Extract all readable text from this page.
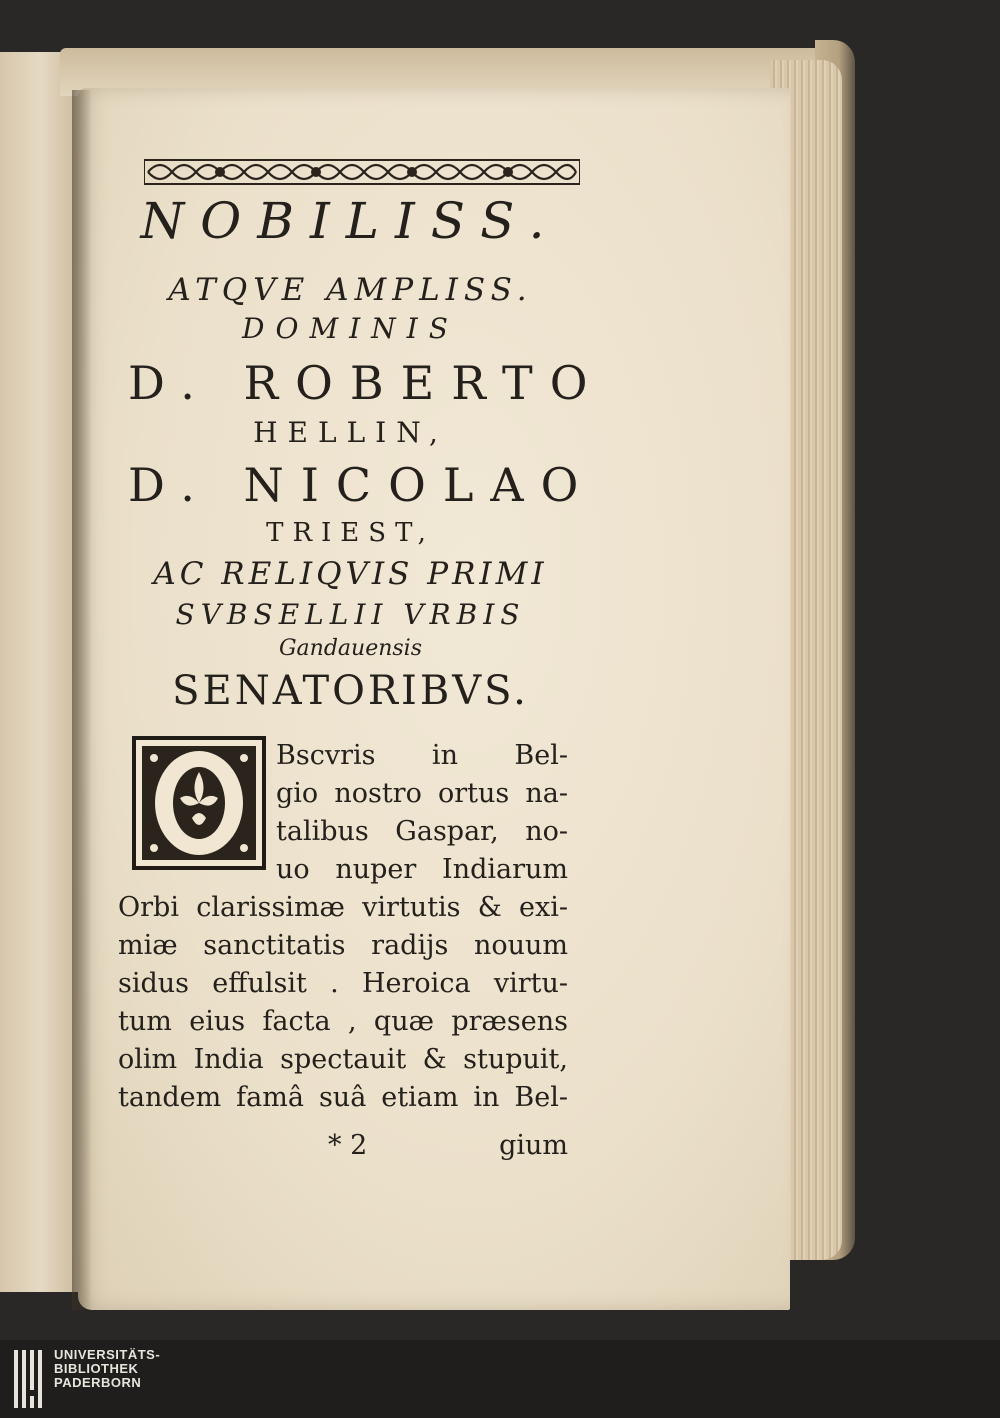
NOBILISS.
ATQVE AMPLISS.
DOMINIS
D. ROBERTO
HELLIN,
D. NICOLAO
TRIEST,
AC RELIQVIS PRIMI
SVBSELLII VRBIS
Gandauensis
SENATORIBVS.
Bscvris in Bel-
gio nostro ortus na-
talibus Gaspar, no-
uo nuper Indiarum
Orbi clarissimæ virtutis & exi-
miæ sanctitatis radijs nouum
sidus effulsit . Heroica virtu-
tum eius facta , quæ præsens
olim India spectauit & stupuit,
tandem famâ suâ etiam in Bel-
* 2	gium
UNIVERSITÄTS-
BIBLIOTHEK
PADERBORN
